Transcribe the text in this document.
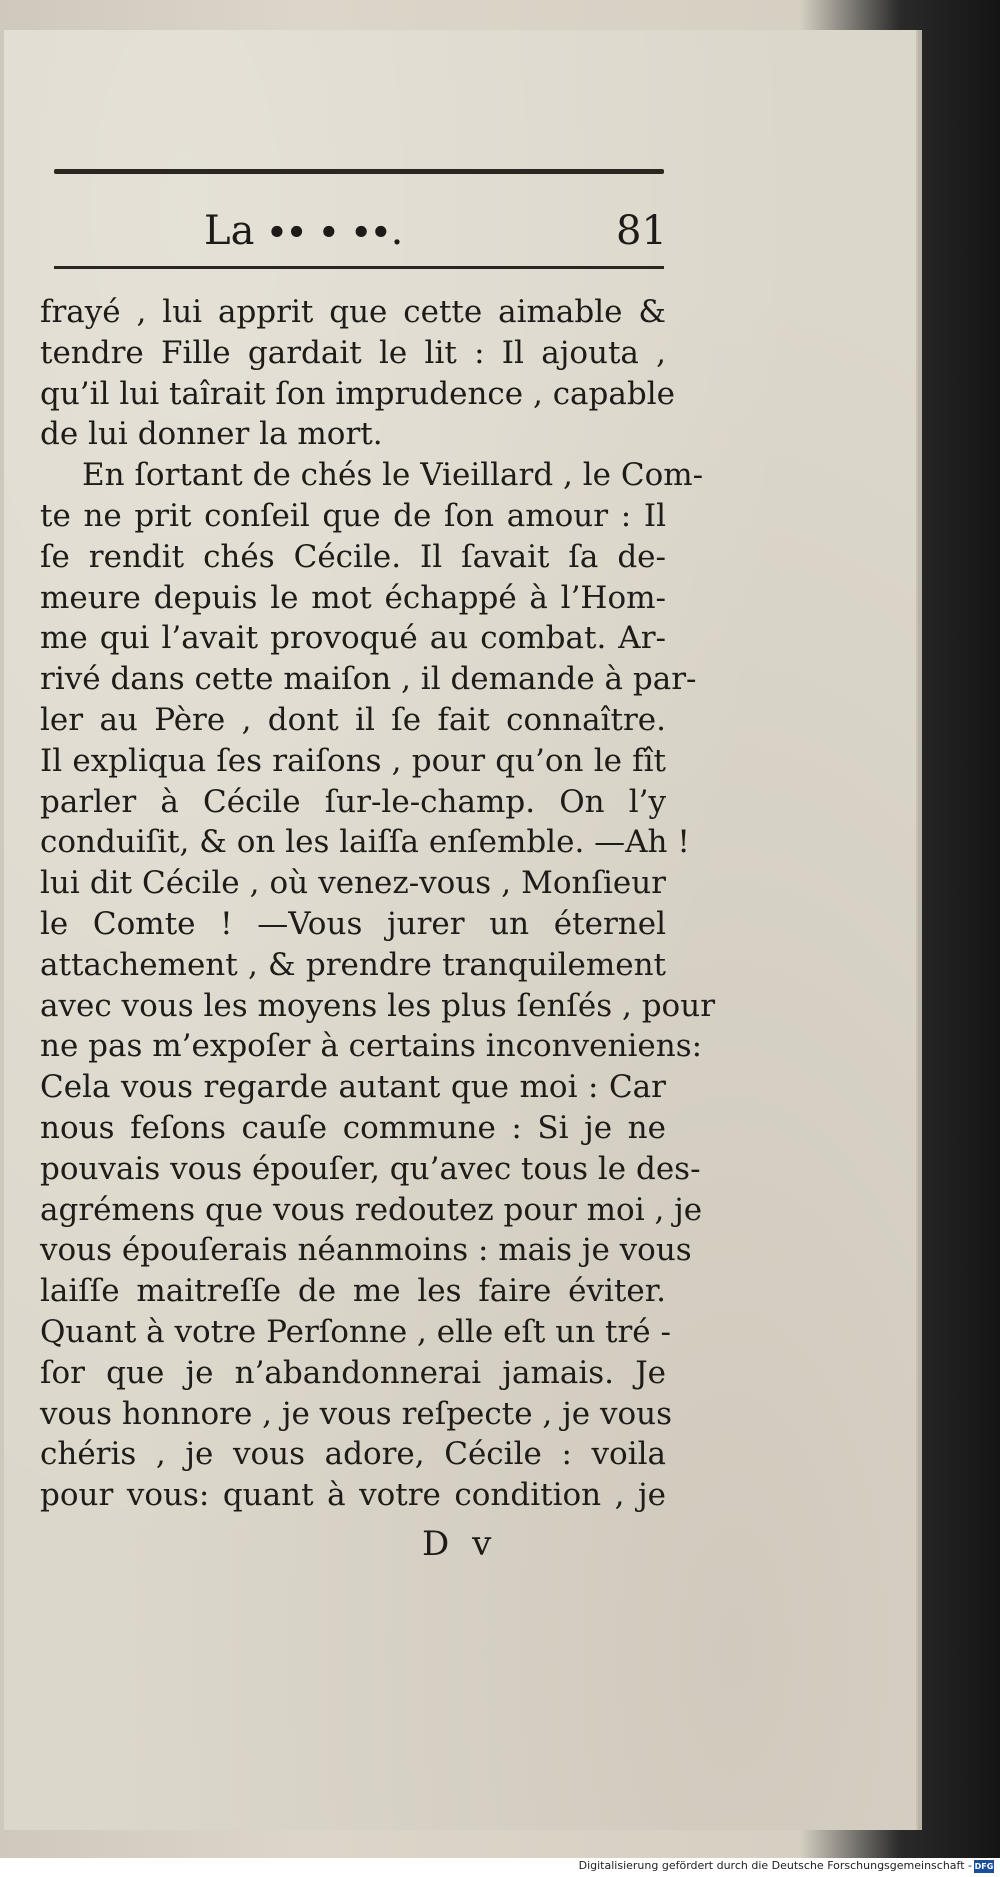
La ∙∙ ∙ ∙∙.	81
frayé , lui apprit que cette aimable &
tendre Fille gardait le lit : Il ajouta ,
qu’il lui taîrait ſon imprudence , capable
de lui donner la mort.
En ſortant de chés le Vieillard , le Com-
te ne prit conſeil que de ſon amour : Il
ſe rendit chés Cécile. Il ſavait ſa de-
meure depuis le mot échappé à l’Hom-
me qui l’avait provoqué au combat. Ar-
rivé dans cette maiſon , il demande à par-
ler au Père , dont il ſe fait connaître.
Il expliqua ſes raiſons , pour qu’on le fît
parler à Cécile ſur-le-champ. On l’y
conduiſit, & on les laiſſa enſemble. —Ah !
lui dit Cécile , où venez-vous , Monſieur
le Comte ! —Vous jurer un éternel
attachement , & prendre tranquilement
avec vous les moyens les plus ſenſés , pour
ne pas m’expoſer à certains inconveniens:
Cela vous regarde autant que moi : Car
nous feſons cauſe commune : Si je ne
pouvais vous épouſer, qu’avec tous le des-
agrémens que vous redoutez pour moi , je
vous épouſerais néanmoins : mais je vous
laiſſe maitreſſe de me les faire éviter.
Quant à votre Perſonne , elle eſt un tré -
ſor que je n’abandonnerai jamais. Je
vous honnore , je vous reſpecte , je vous
chéris , je vous adore, Cécile : voila
pour vous: quant à votre condition , je
D v
Digitalisierung gefördert durch die Deutsche Forschungsgemeinschaft - DFG
